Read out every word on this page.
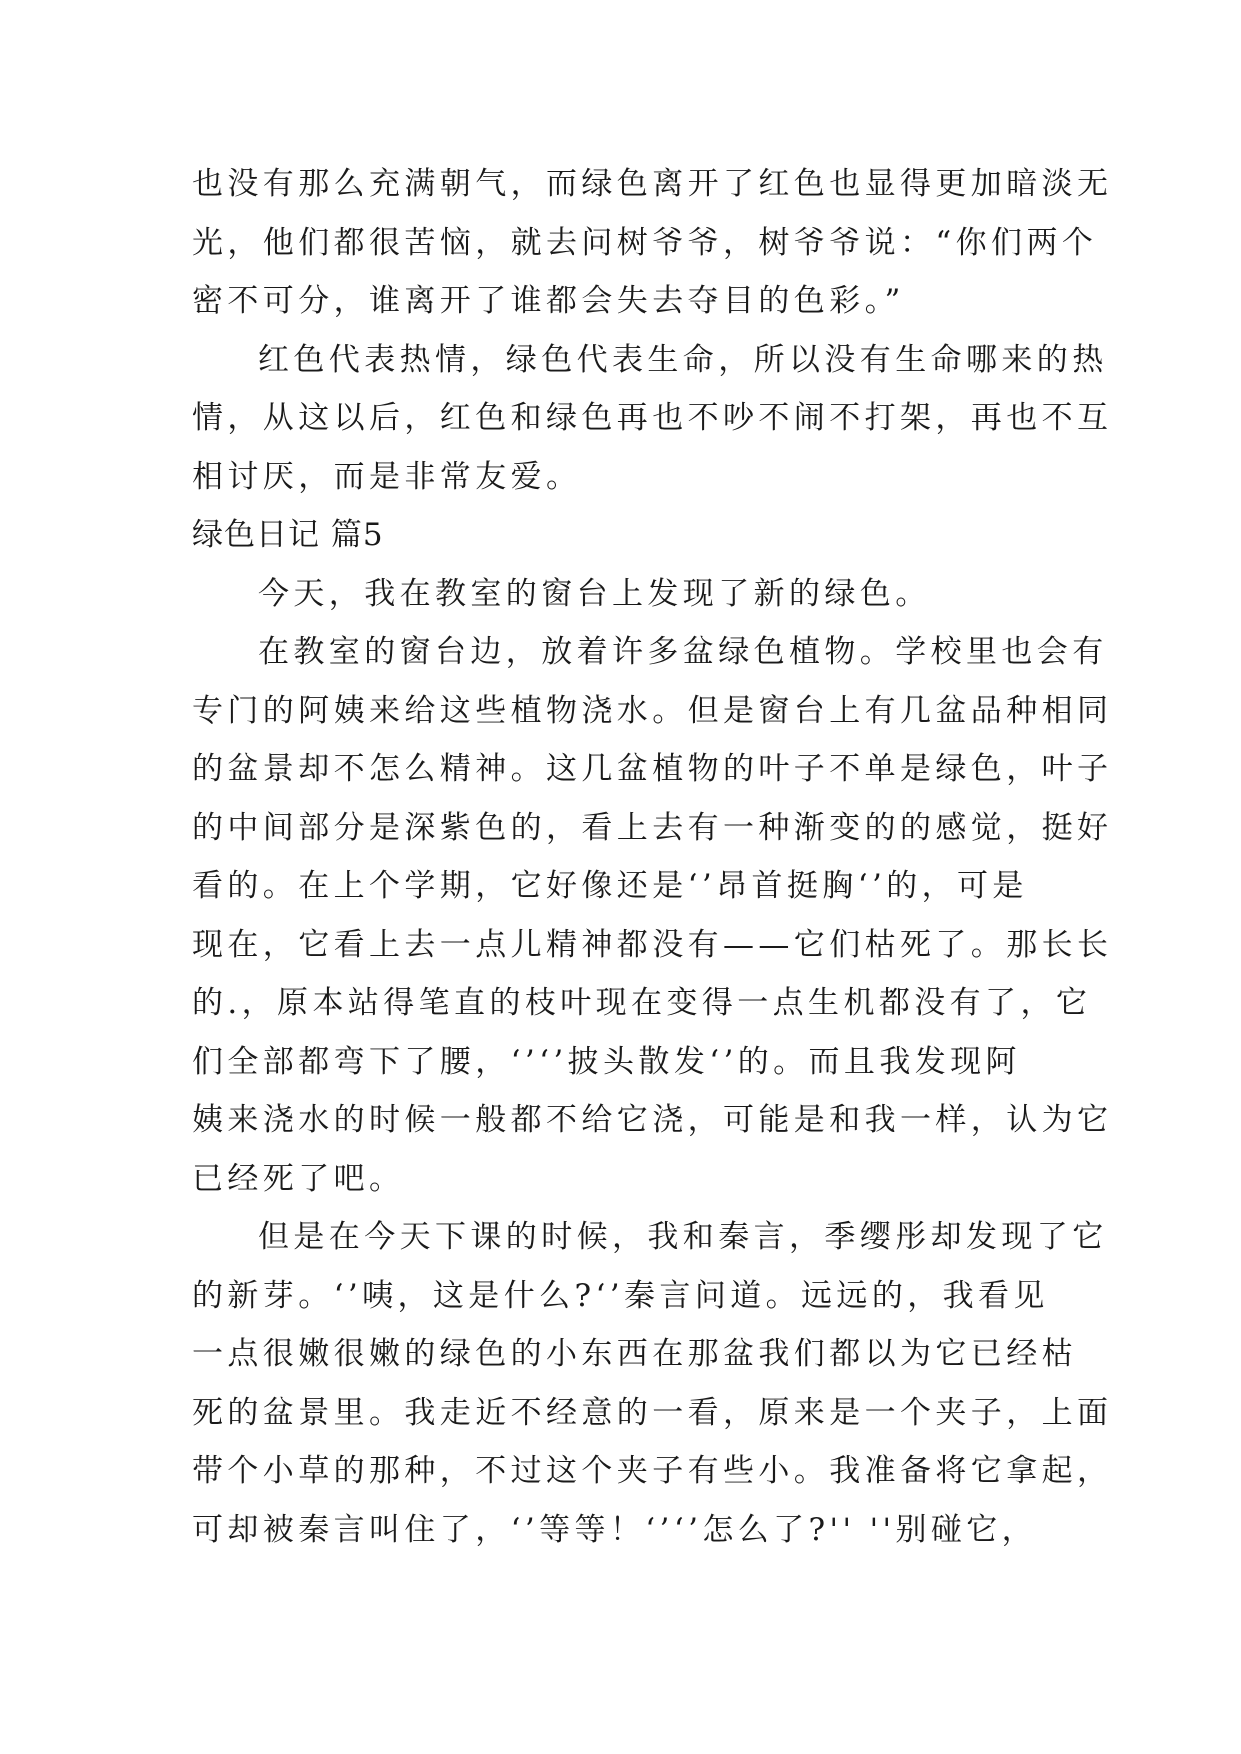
也没有那么充满朝气，而绿色离开了红色也显得更加暗淡无
光，他们都很苦恼，就去问树爷爷，树爷爷说：“你们两个
密不可分，谁离开了谁都会失去夺目的色彩。”
红色代表热情，绿色代表生命，所以没有生命哪来的热
情，从这以后，红色和绿色再也不吵不闹不打架，再也不互
相讨厌，而是非常友爱。
绿色日记 篇5
今天，我在教室的窗台上发现了新的绿色。
在教室的窗台边，放着许多盆绿色植物。学校里也会有
专门的阿姨来给这些植物浇水。但是窗台上有几盆品种相同
的盆景却不怎么精神。这几盆植物的叶子不单是绿色，叶子
的中间部分是深紫色的，看上去有一种渐变的的感觉，挺好
看的。在上个学期，它好像还是‘’昂首挺胸‘’的，可是
现在，它看上去一点儿精神都没有——它们枯死了。那长长
的.，原本站得笔直的枝叶现在变得一点生机都没有了，它
们全部都弯下了腰，‘’‘’披头散发‘’的。而且我发现阿
姨来浇水的时候一般都不给它浇，可能是和我一样，认为它
已经死了吧。
但是在今天下课的时候，我和秦言，季缨彤却发现了它
的新芽。‘’咦，这是什么?‘’秦言问道。远远的，我看见
一点很嫩很嫩的绿色的小东西在那盆我们都以为它已经枯
死的盆景里。我走近不经意的一看，原来是一个夹子，上面
带个小草的那种，不过这个夹子有些小。我准备将它拿起，
可却被秦言叫住了，‘’等等！‘’‘’怎么了?'' ''别碰它，
